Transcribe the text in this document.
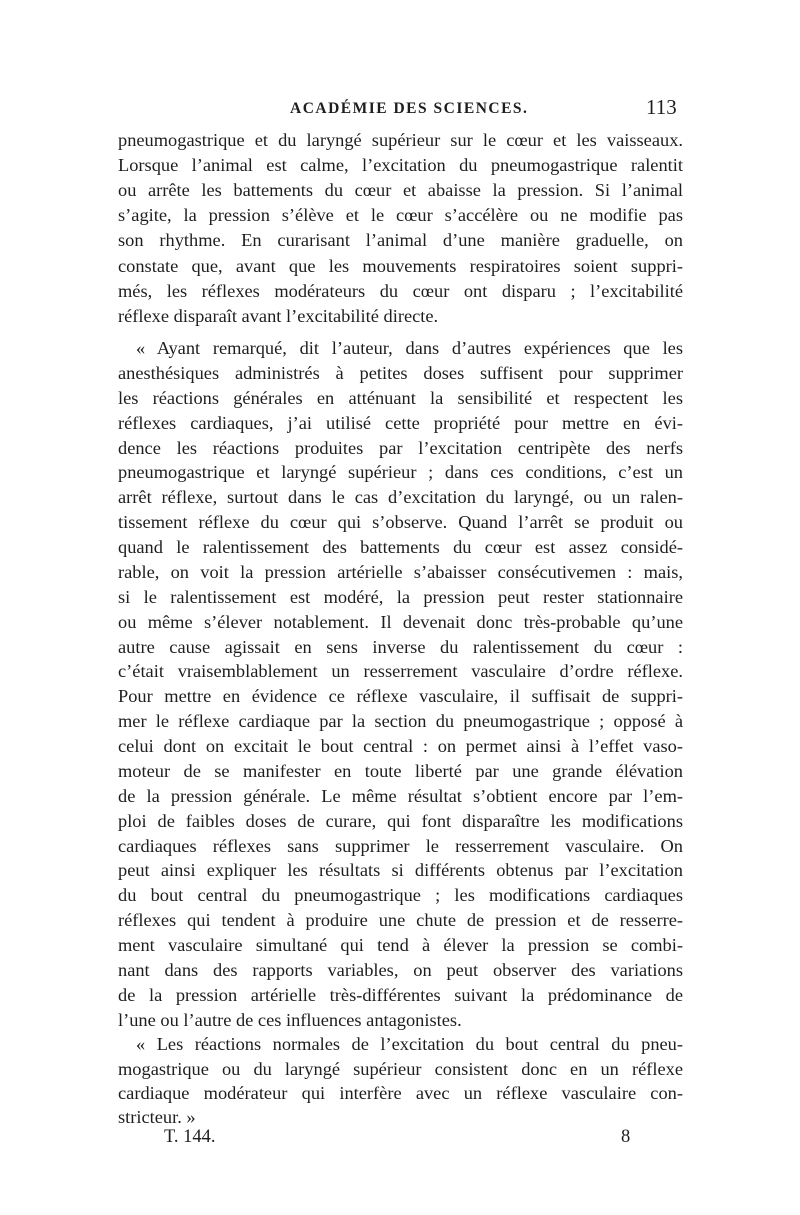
ACADÉMIE DES SCIENCES.	113
pneumogastrique et du laryngé supérieur sur le cœur et les vaisseaux.
Lorsque l’animal est calme, l’excitation du pneumogastrique ralentit
ou arrête les battements du cœur et abaisse la pression. Si l’animal
s’agite, la pression s’élève et le cœur s’accélère ou ne modifie pas
son rhythme. En curarisant l’animal d’une manière graduelle, on
constate que, avant que les mouvements respiratoires soient suppri-
més, les réflexes modérateurs du cœur ont disparu ; l’excitabilité
réflexe disparaît avant l’excitabilité directe.
« Ayant remarqué, dit l’auteur, dans d’autres expériences que les
anesthésiques administrés à petites doses suffisent pour supprimer
les réactions générales en atténuant la sensibilité et respectent les
réflexes cardiaques, j’ai utilisé cette propriété pour mettre en évi-
dence les réactions produites par l’excitation centripète des nerfs
pneumogastrique et laryngé supérieur ; dans ces conditions, c’est un
arrêt réflexe, surtout dans le cas d’excitation du laryngé, ou un ralen-
tissement réflexe du cœur qui s’observe. Quand l’arrêt se produit ou
quand le ralentissement des battements du cœur est assez considé-
rable, on voit la pression artérielle s’abaisser consécutivemen : mais,
si le ralentissement est modéré, la pression peut rester stationnaire
ou même s’élever notablement. Il devenait donc très-probable qu’une
autre cause agissait en sens inverse du ralentissement du cœur :
c’était vraisemblablement un resserrement vasculaire d’ordre réflexe.
Pour mettre en évidence ce réflexe vasculaire, il suffisait de suppri-
mer le réflexe cardiaque par la section du pneumogastrique ; opposé à
celui dont on excitait le bout central : on permet ainsi à l’effet vaso-
moteur de se manifester en toute liberté par une grande élévation
de la pression générale. Le même résultat s’obtient encore par l’em-
ploi de faibles doses de curare, qui font disparaître les modifications
cardiaques réflexes sans supprimer le resserrement vasculaire. On
peut ainsi expliquer les résultats si différents obtenus par l’excitation
du bout central du pneumogastrique ; les modifications cardiaques
réflexes qui tendent à produire une chute de pression et de resserre-
ment vasculaire simultané qui tend à élever la pression se combi-
nant dans des rapports variables, on peut observer des variations
de la pression artérielle très-différentes suivant la prédominance de
l’une ou l’autre de ces influences antagonistes.
« Les réactions normales de l’excitation du bout central du pneu-
mogastrique ou du laryngé supérieur consistent donc en un réflexe
cardiaque modérateur qui interfère avec un réflexe vasculaire con-
stricteur. »
T. 144.	8
